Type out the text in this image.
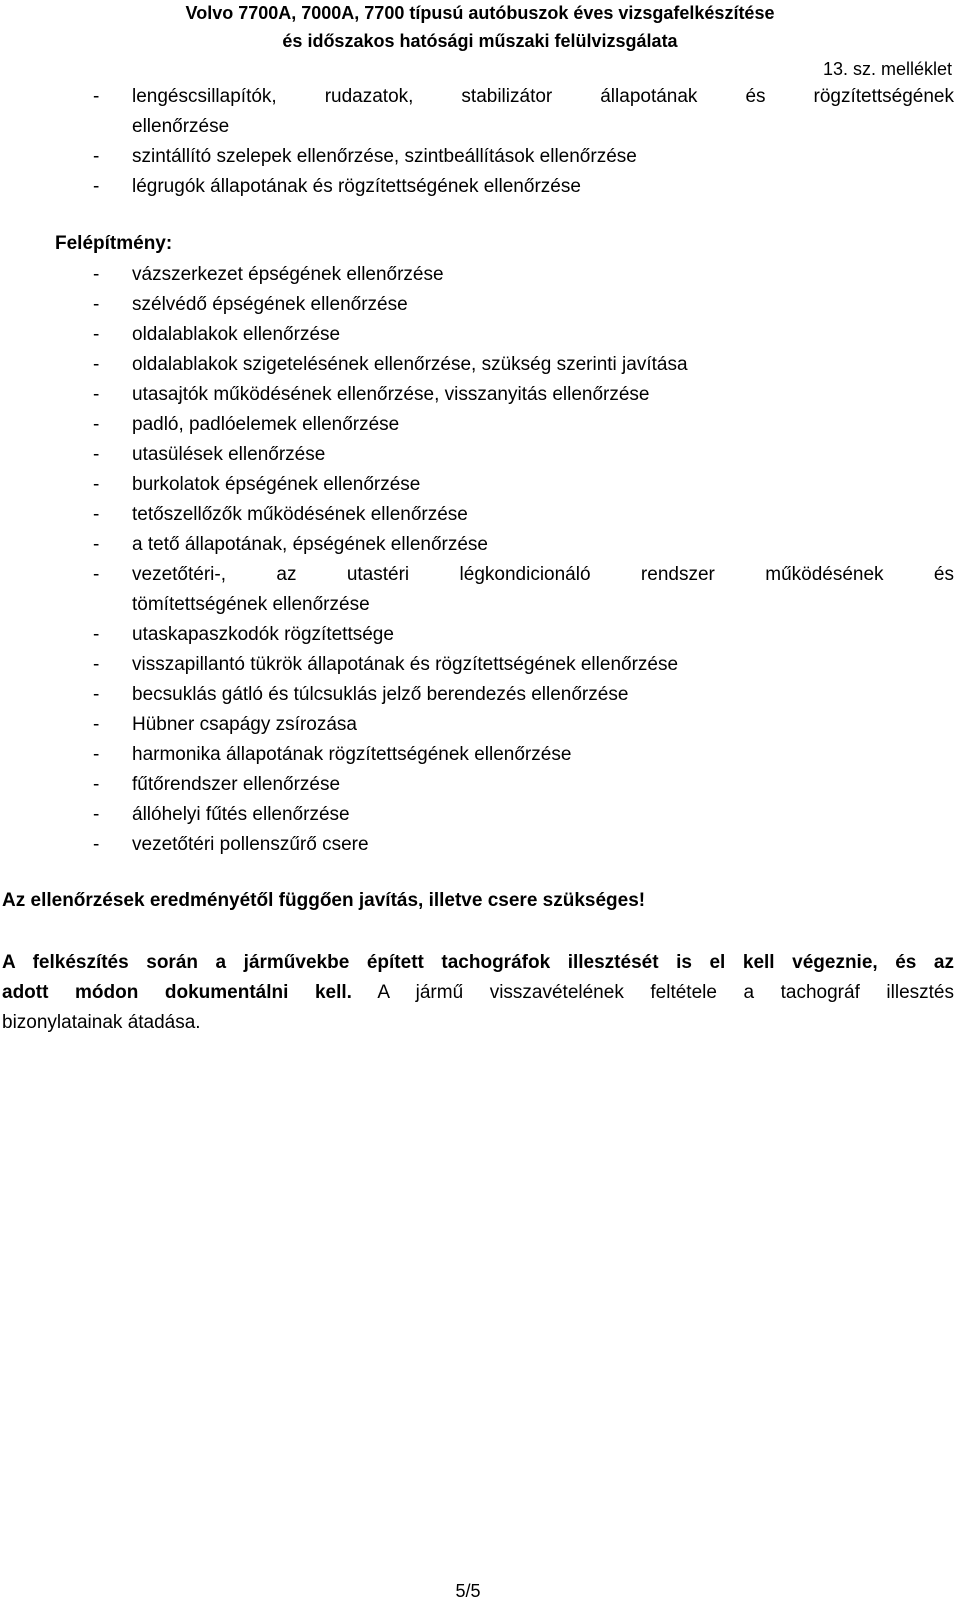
Volvo 7700A, 7000A, 7700 típusú autóbuszok éves vizsgafelkészítése
és időszakos hatósági műszaki felülvizsgálata
13. sz. melléklet
- lengéscsillapítók, rudazatok, stabilizátor állapotának és rögzítettségének
ellenőrzése
- szintállító szelepek ellenőrzése, szintbeállítások ellenőrzése
- légrugók állapotának és rögzítettségének ellenőrzése
Felépítmény:
- vázszerkezet épségének ellenőrzése
- szélvédő épségének ellenőrzése
- oldalablakok ellenőrzése
- oldalablakok szigetelésének ellenőrzése, szükség szerinti javítása
- utasajtók működésének ellenőrzése, visszanyitás ellenőrzése
- padló, padlóelemek ellenőrzése
- utasülések ellenőrzése
- burkolatok épségének ellenőrzése
- tetőszellőzők működésének ellenőrzése
- a tető állapotának, épségének ellenőrzése
- vezetőtéri-, az utastéri légkondicionáló rendszer működésének és
tömítettségének ellenőrzése
- utaskapaszkodók rögzítettsége
- visszapillantó tükrök állapotának és rögzítettségének ellenőrzése
- becsuklás gátló és túlcsuklás jelző berendezés ellenőrzése
- Hübner csapágy zsírozása
- harmonika állapotának rögzítettségének ellenőrzése
- fűtőrendszer ellenőrzése
- állóhelyi fűtés ellenőrzése
- vezetőtéri pollenszűrő csere
Az ellenőrzések eredményétől függően javítás, illetve csere szükséges!
A felkészítés során a járművekbe épített tachográfok illesztését is el kell végeznie, és az
adott módon dokumentálni kell. A jármű visszavételének feltétele a tachográf illesztés
bizonylatainak átadása.
5/5
